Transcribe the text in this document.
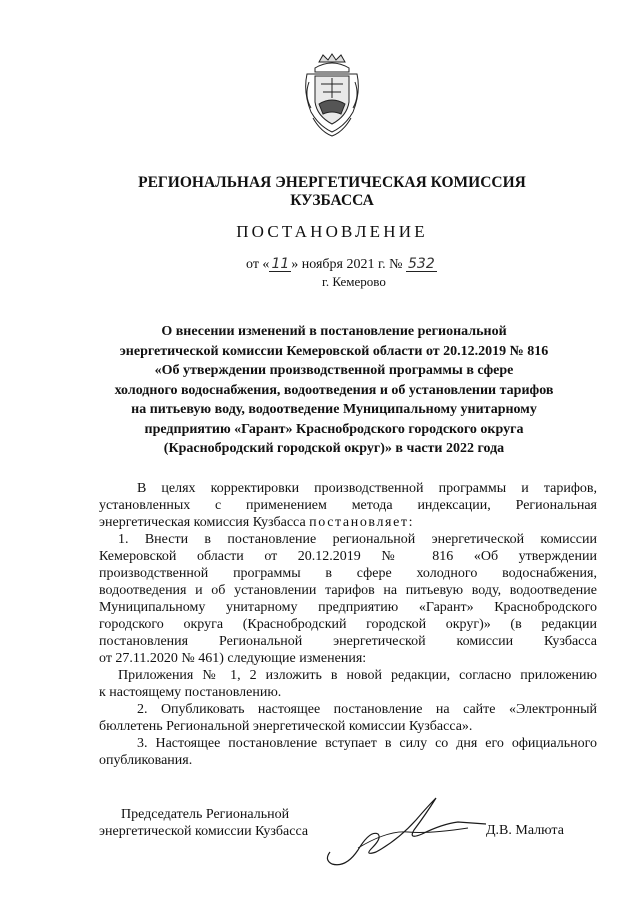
РЕГИОНАЛЬНАЯ ЭНЕРГЕТИЧЕСКАЯ КОМИССИЯ
КУЗБАССА
ПОСТАНОВЛЕНИЕ
от « 11 » ноября 2021 г. № 532
г. Кемерово
О внесении изменений в постановление региональной
энергетической комиссии Кемеровской области от 20.12.2019 № 816
«Об утверждении производственной программы в сфере
холодного водоснабжения, водоотведения и об установлении тарифов
на питьевую воду, водоотведение Муниципальному унитарному
предприятию «Гарант» Краснобродского городского округа
(Краснобродский городской округ)» в части 2022 года
В целях корректировки производственной программы и тарифов,
установленных с применением метода индексации, Региональная
энергетическая комиссия Кузбасса постановляет:
1. Внести в постановление региональной энергетической комиссии
Кемеровской области от 20.12.2019 № 816 «Об утверждении
производственной программы в сфере холодного водоснабжения,
водоотведения и об установлении тарифов на питьевую воду, водоотведение
Муниципальному унитарному предприятию «Гарант» Краснобродского
городского округа (Краснобродский городской округ)» (в редакции
постановления Региональной энергетической комиссии Кузбасса
от 27.11.2020 № 461) следующие изменения:
Приложения № 1, 2 изложить в новой редакции, согласно приложению
к настоящему постановлению.
2. Опубликовать настоящее постановление на сайте «Электронный
бюллетень Региональной энергетической комиссии Кузбасса».
3. Настоящее постановление вступает в силу со дня его официального
опубликования.
Председатель Региональной
энергетической комиссии Кузбасса	Д.В. Малюта
